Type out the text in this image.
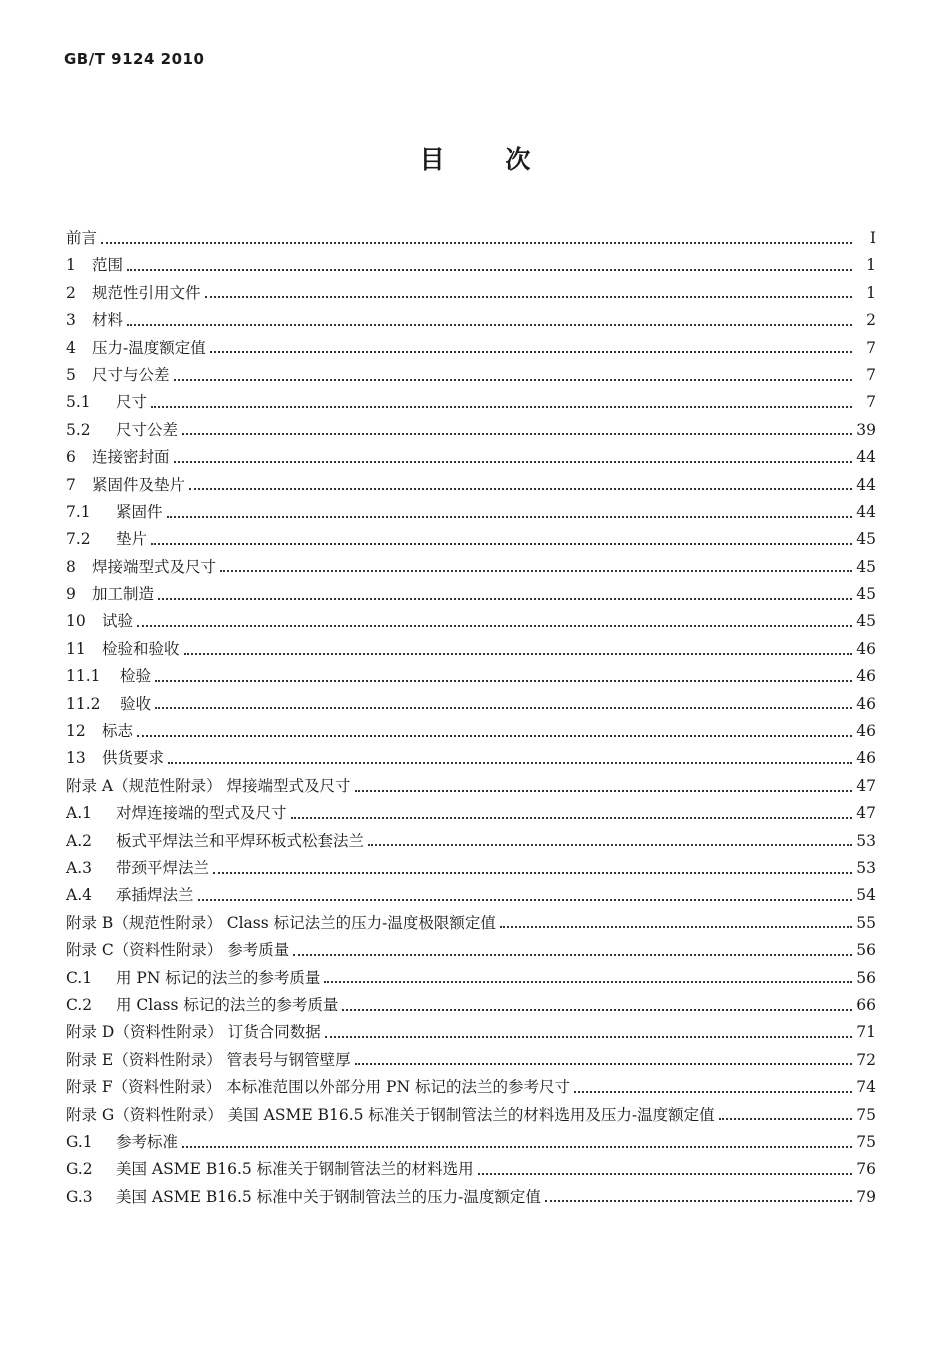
GB/T 9124 2010
目 次
前言	Ⅰ
1	范围	1
2	规范性引用文件	1
3	材料	2
4	压力-温度额定值	7
5	尺寸与公差	7
5.1	尺寸	7
5.2	尺寸公差	39
6	连接密封面	44
7	紧固件及垫片	44
7.1	紧固件	44
7.2	垫片	45
8	焊接端型式及尺寸	45
9	加工制造	45
10	试验	45
11	检验和验收	46
11.1	检验	46
11.2	验收	46
12	标志	46
13	供货要求	46
附录 A（规范性附录） 焊接端型式及尺寸	47
A.1	对焊连接端的型式及尺寸	47
A.2	板式平焊法兰和平焊环板式松套法兰	53
A.3	带颈平焊法兰	53
A.4	承插焊法兰	54
附录 B（规范性附录） Class 标记法兰的压力-温度极限额定值	55
附录 C（资料性附录） 参考质量	56
C.1	用 PN 标记的法兰的参考质量	56
C.2	用 Class 标记的法兰的参考质量	66
附录 D（资料性附录） 订货合同数据	71
附录 E（资料性附录） 管表号与钢管壁厚	72
附录 F（资料性附录） 本标准范围以外部分用 PN 标记的法兰的参考尺寸	74
附录 G（资料性附录） 美国 ASME B16.5 标准关于钢制管法兰的材料选用及压力-温度额定值	75
G.1	参考标准	75
G.2	美国 ASME B16.5 标准关于钢制管法兰的材料选用	76
G.3	美国 ASME B16.5 标准中关于钢制管法兰的压力-温度额定值	79
